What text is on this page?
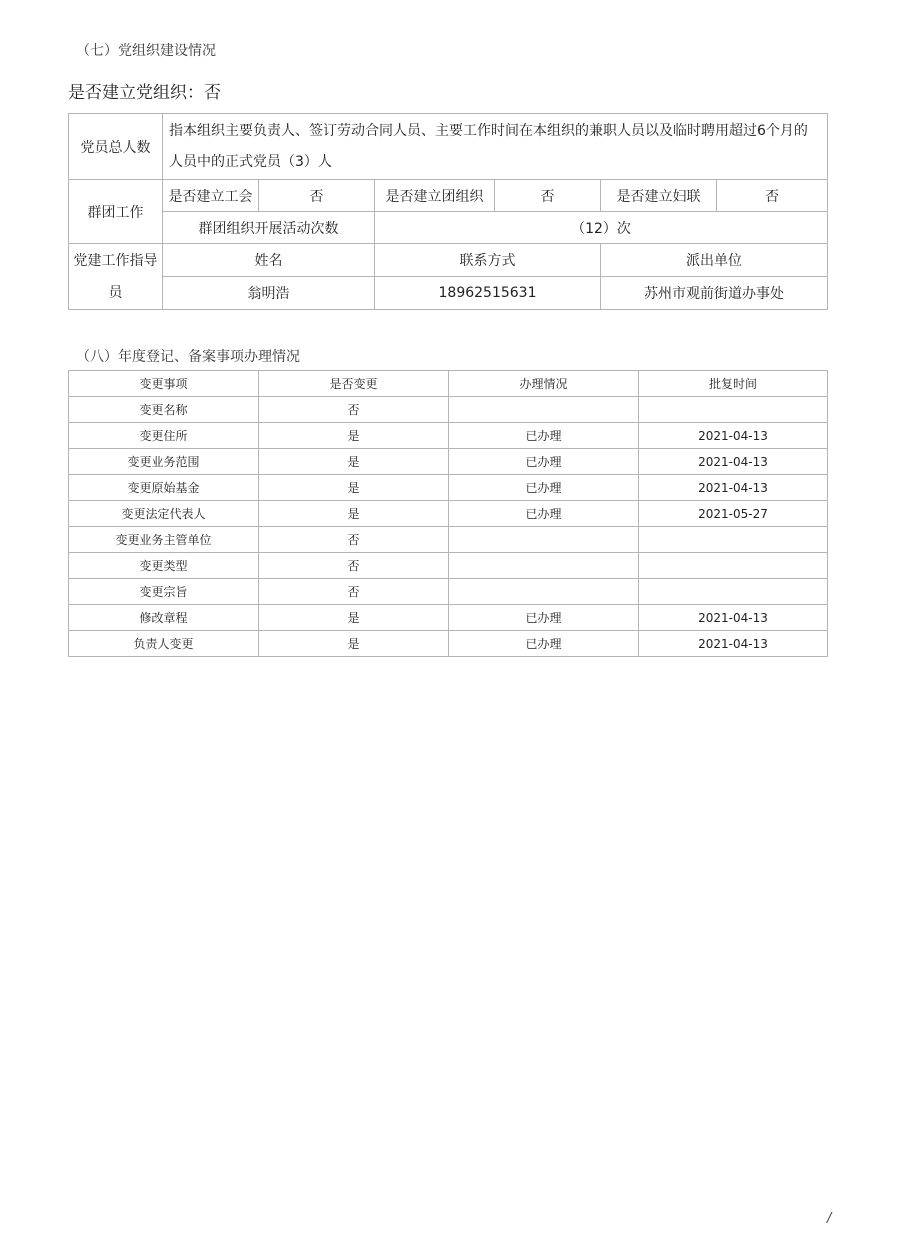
（七）党组织建设情况
是否建立党组织：否
党员总人数	指本组织主要负责人、签订劳动合同人员、主要工作时间在本组织的兼职人员以及临时聘用超过6个月的人员中的正式党员（3）人					
群团工作	是否建立工会	否	是否建立团组织	否	是否建立妇联	否
	群团组织开展活动次数		（12）次			
党建工作指导员	姓名		联系方式		派出单位	
	翁明浩		18962515631		苏州市观前街道办事处	
（八）年度登记、备案事项办理情况
变更事项	是否变更	办理情况	批复时间
变更名称	否		
变更住所	是	已办理	2021-04-13
变更业务范围	是	已办理	2021-04-13
变更原始基金	是	已办理	2021-04-13
变更法定代表人	是	已办理	2021-05-27
变更业务主管单位	否		
变更类型	否		
变更宗旨	否		
修改章程	是	已办理	2021-04-13
负责人变更	是	已办理	2021-04-13
/
